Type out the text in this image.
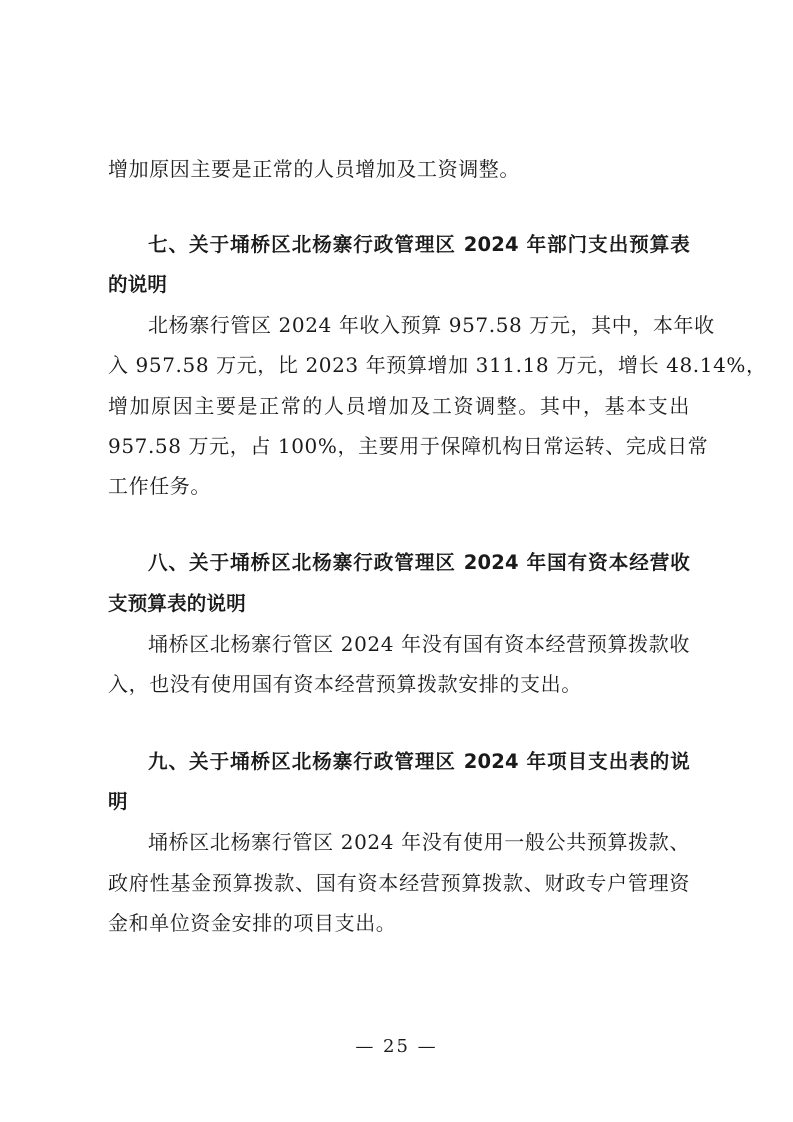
增加原因主要是正常的人员增加及工资调整。
七、关于埇桥区北杨寨行政管理区 2024 年部门支出预算表
的说明
北杨寨行管区 2024 年收入预算 957.58 万元，其中，本年收
入 957.58 万元，比 2023 年预算增加 311.18 万元，增长 48.14%，
增加原因主要是正常的人员增加及工资调整。其中，基本支出
957.58 万元，占 100%，主要用于保障机构日常运转、完成日常
工作任务。
八、关于埇桥区北杨寨行政管理区 2024 年国有资本经营收
支预算表的说明
埇桥区北杨寨行管区 2024 年没有国有资本经营预算拨款收
入，也没有使用国有资本经营预算拨款安排的支出。
九、关于埇桥区北杨寨行政管理区 2024 年项目支出表的说
明
埇桥区北杨寨行管区 2024 年没有使用一般公共预算拨款、
政府性基金预算拨款、国有资本经营预算拨款、财政专户管理资
金和单位资金安排的项目支出。
— 25 —
